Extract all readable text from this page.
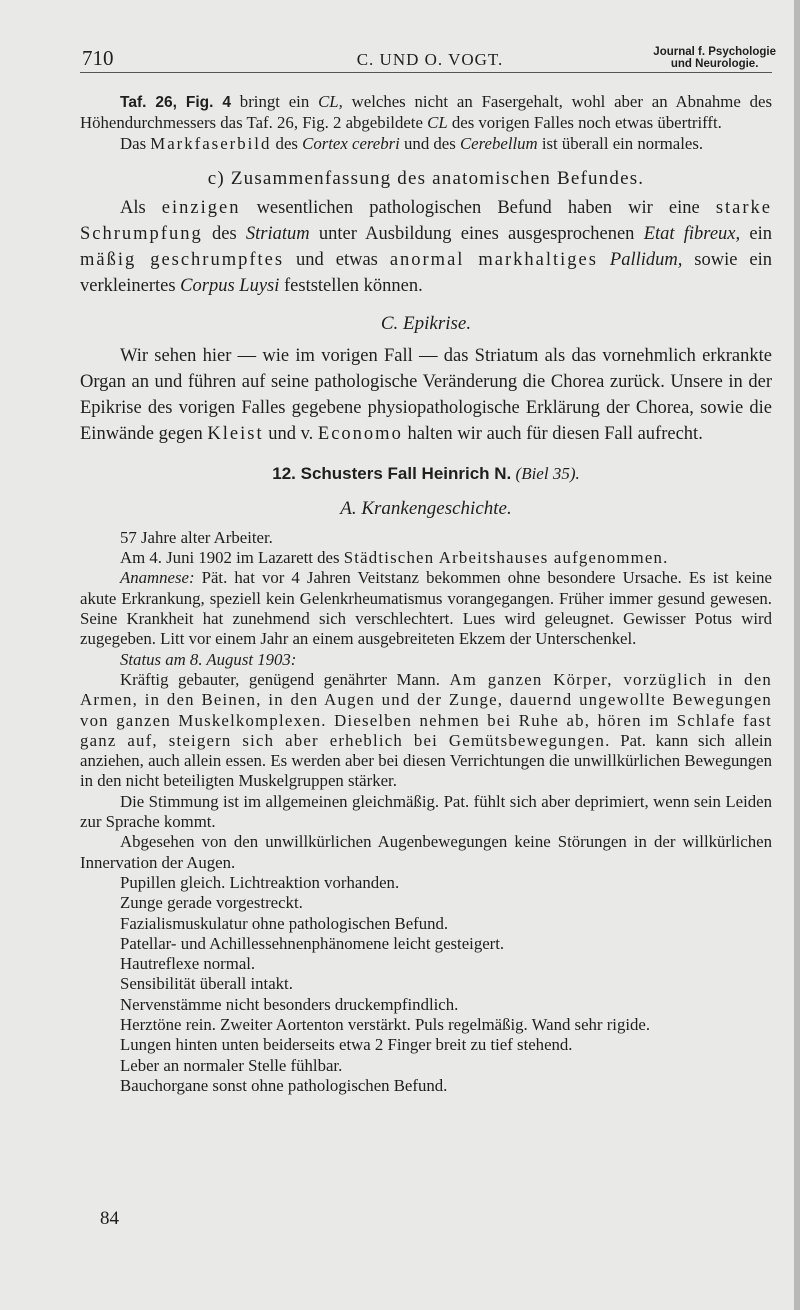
710	C. UND O. VOGT.	Journal f. Psychologie
und Neurologie.

Taf. 26, Fig. 4 bringt ein CL, welches nicht an Fasergehalt, wohl aber an Abnahme des Höhendurchmessers das Taf. 26, Fig. 2 abgebildete CL des vorigen Falles noch etwas übertrifft.

Das Markfaserbild des Cortex cerebri und des Cerebellum ist überall ein normales.

c) Zusammenfassung des anatomischen Befundes.

Als einzigen wesentlichen pathologischen Befund haben wir eine starke Schrumpfung des Striatum unter Ausbildung eines ausgesprochenen Etat fibreux, ein mäßig geschrumpftes und etwas anormal markhaltiges Pallidum, sowie ein verkleinertes Corpus Luysi feststellen können.

C. Epikrise.

Wir sehen hier — wie im vorigen Fall — das Striatum als das vornehmlich erkrankte Organ an und führen auf seine pathologische Veränderung die Chorea zurück. Unsere in der Epikrise des vorigen Falles gegebene physiopathologische Erklärung der Chorea, sowie die Einwände gegen Kleist und v. Economo halten wir auch für diesen Fall aufrecht.

12. Schusters Fall Heinrich N. (Biel 35).

A. Krankengeschichte.

57 Jahre alter Arbeiter.

Am 4. Juni 1902 im Lazarett des Städtischen Arbeitshauses aufgenommen.

Anamnese: Pät. hat vor 4 Jahren Veitstanz bekommen ohne besondere Ursache. Es ist keine akute Erkrankung, speziell kein Gelenkrheumatismus vorangegangen. Früher immer gesund gewesen. Seine Krankheit hat zunehmend sich verschlechtert. Lues wird geleugnet. Gewisser Potus wird zugegeben. Litt vor einem Jahr an einem ausgebreiteten Ekzem der Unterschenkel.

Status am 8. August 1903:

Kräftig gebauter, genügend genährter Mann. Am ganzen Körper, vorzüglich in den Armen, in den Beinen, in den Augen und der Zunge, dauernd ungewollte Bewegungen von ganzen Muskelkomplexen. Dieselben nehmen bei Ruhe ab, hören im Schlafe fast ganz auf, steigern sich aber erheblich bei Gemütsbewegungen. Pat. kann sich allein anziehen, auch allein essen. Es werden aber bei diesen Verrichtungen die unwillkürlichen Bewegungen in den nicht beteiligten Muskelgruppen stärker.

Die Stimmung ist im allgemeinen gleichmäßig. Pat. fühlt sich aber deprimiert, wenn sein Leiden zur Sprache kommt.

Abgesehen von den unwillkürlichen Augenbewegungen keine Störungen in der willkürlichen Innervation der Augen.

Pupillen gleich. Lichtreaktion vorhanden.

Zunge gerade vorgestreckt.

Fazialismuskulatur ohne pathologischen Befund.

Patellar- und Achillessehnenphänomene leicht gesteigert.

Hautreflexe normal.

Sensibilität überall intakt.

Nervenstämme nicht besonders druckempfindlich.

Herztöne rein. Zweiter Aortenton verstärkt. Puls regelmäßig. Wand sehr rigide.

Lungen hinten unten beiderseits etwa 2 Finger breit zu tief stehend.

Leber an normaler Stelle fühlbar.

Bauchorgane sonst ohne pathologischen Befund.

84
